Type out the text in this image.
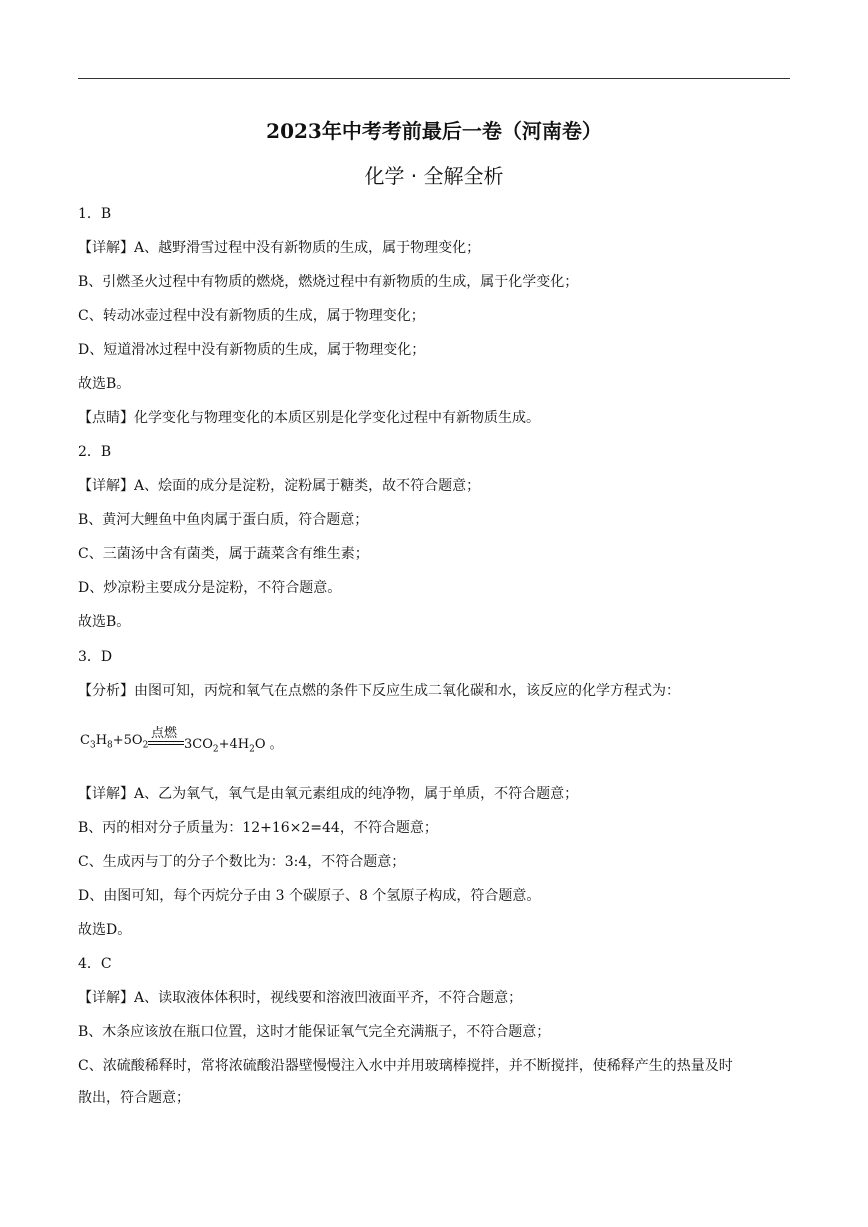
2023年中考考前最后一卷（河南卷）
化学 · 全解全析
1．B
【详解】A、越野滑雪过程中没有新物质的生成，属于物理变化；
B、引燃圣火过程中有物质的燃烧，燃烧过程中有新物质的生成，属于化学变化；
C、转动冰壶过程中没有新物质的生成，属于物理变化；
D、短道滑冰过程中没有新物质的生成，属于物理变化；
故选B。
【点睛】化学变化与物理变化的本质区别是化学变化过程中有新物质生成。
2．B
【详解】A、烩面的成分是淀粉，淀粉属于糖类，故不符合题意；
B、黄河大鲤鱼中鱼肉属于蛋白质，符合题意；
C、三菌汤中含有菌类，属于蔬菜含有维生素；
D、炒凉粉主要成分是淀粉，不符合题意。
故选B。
3．D
【分析】由图可知，丙烷和氧气在点燃的条件下反应生成二氧化碳和水，该反应的化学方程式为：
点燃
$C_3H_8+5O_2$	$3CO_2+4H_2O$ 。
【详解】A、乙为氧气，氧气是由氧元素组成的纯净物，属于单质，不符合题意；
B、丙的相对分子质量为：12+16×2=44，不符合题意；
C、生成丙与丁的分子个数比为：3:4，不符合题意；
D、由图可知，每个丙烷分子由 3 个碳原子、8 个氢原子构成，符合题意。
故选D。
4．C
【详解】A、读取液体体积时，视线要和溶液凹液面平齐，不符合题意；
B、木条应该放在瓶口位置，这时才能保证氧气完全充满瓶子，不符合题意；
C、浓硫酸稀释时，常将浓硫酸沿器壁慢慢注入水中并用玻璃棒搅拌，并不断搅拌，使稀释产生的热量及时
散出，符合题意；
